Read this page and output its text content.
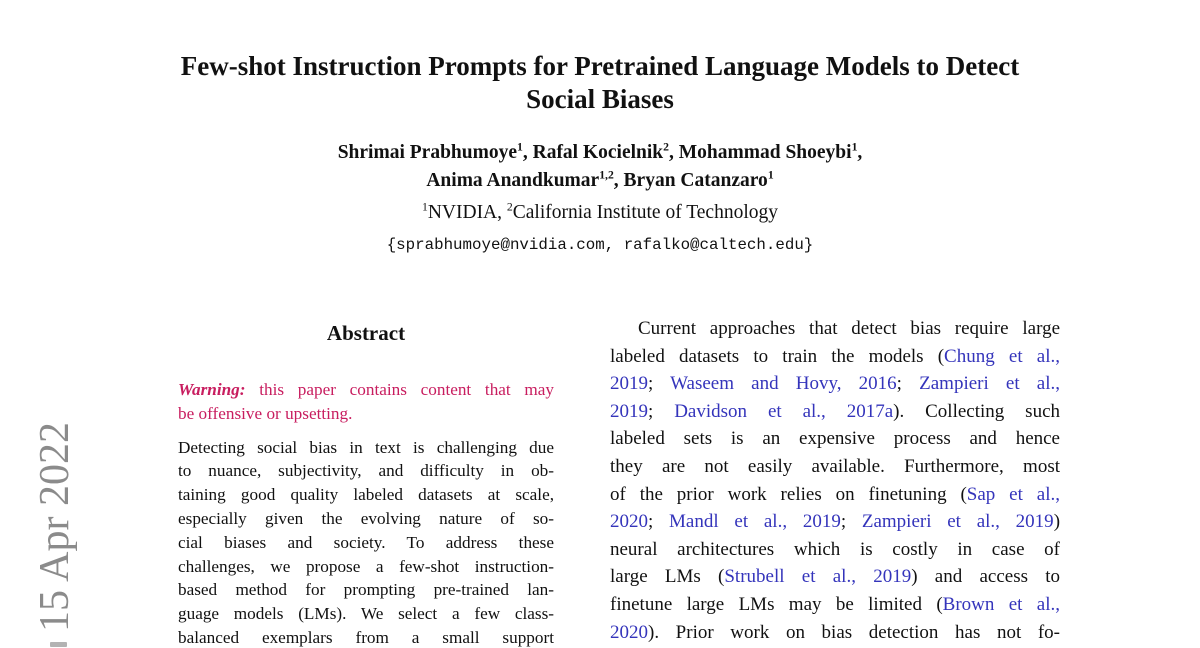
15 Apr 2022
Few-shot Instruction Prompts for Pretrained Language Models to Detect
Social Biases
Shrimai Prabhumoye$^1$, Rafal Kocielnik$^2$, Mohammad Shoeybi$^1$,
Anima Anandkumar$^{1,2}$, Bryan Catanzaro$^1$
$^1$NVIDIA, $^2$California Institute of Technology
{sprabhumoye@nvidia.com, rafalko@caltech.edu}
Abstract
Warning: this paper contains content that may
be offensive or upsetting.
Detecting social bias in text is challenging due
to nuance, subjectivity, and difficulty in ob-
taining good quality labeled datasets at scale,
especially given the evolving nature of so-
cial biases and society. To address these
challenges, we propose a few-shot instruction-
based method for prompting pre-trained lan-
guage models (LMs). We select a few class-
balanced exemplars from a small support
Current approaches that detect bias require large
labeled datasets to train the models (Chung et al.,
2019; Waseem and Hovy, 2016; Zampieri et al.,
2019; Davidson et al., 2017a). Collecting such
labeled sets is an expensive process and hence
they are not easily available. Furthermore, most
of the prior work relies on finetuning (Sap et al.,
2020; Mandl et al., 2019; Zampieri et al., 2019)
neural architectures which is costly in case of
large LMs (Strubell et al., 2019) and access to
finetune large LMs may be limited (Brown et al.,
2020). Prior work on bias detection has not fo-
